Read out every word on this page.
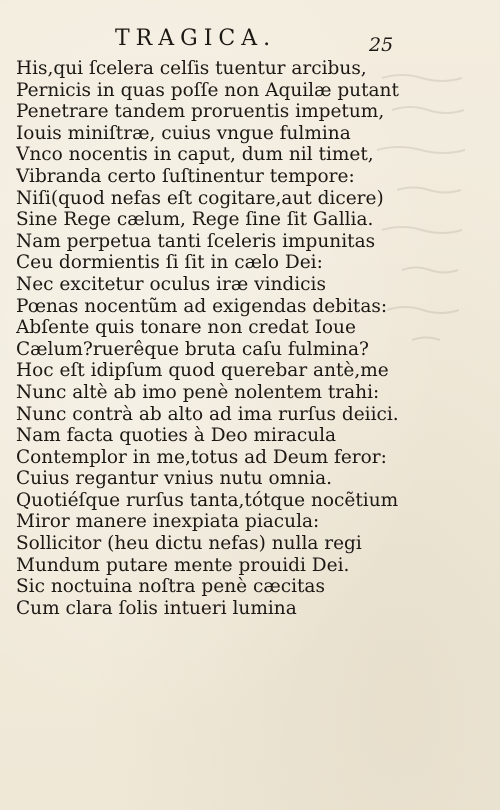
TRAGICA.	25
His,qui ſcelera celſis tuentur arcibus,
Pernicis in quas poſſe non Aquilæ putant
Penetrare tandem proruentis impetum,
Iouis miniſtræ, cuius vngue fulmina
Vnco nocentis in caput, dum nil timet,
Vibranda certo ſuſtinentur tempore:
Niſi(quod nefas eſt cogitare,aut dicere)
Sine Rege cælum, Rege ſine ſit Gallia.
Nam perpetua tanti ſceleris impunitas
Ceu dormientis ſi ſit in cælo Dei:
Nec excitetur oculus iræ vindicis
Pœnas nocentũm ad exigendas debitas:
Abſente quis tonare non credat Ioue
Cælum?ruerêque bruta caſu fulmina?
Hoc eſt idipſum quod querebar antè,me
Nunc altè ab imo penè nolentem trahi:
Nunc contrà ab alto ad ima rurſus deiici.
Nam facta quoties à Deo miracula
Contemplor in me,totus ad Deum feror:
Cuius regantur vnius nutu omnia.
Quotiéſque rurſus tanta,tótque nocẽtium
Miror manere inexpiata piacula:
Sollicitor (heu dictu nefas) nulla regi
Mundum putare mente prouidi Dei.
Sic noctuina noſtra penè cæcitas
Cum clara ſolis intueri lumina
